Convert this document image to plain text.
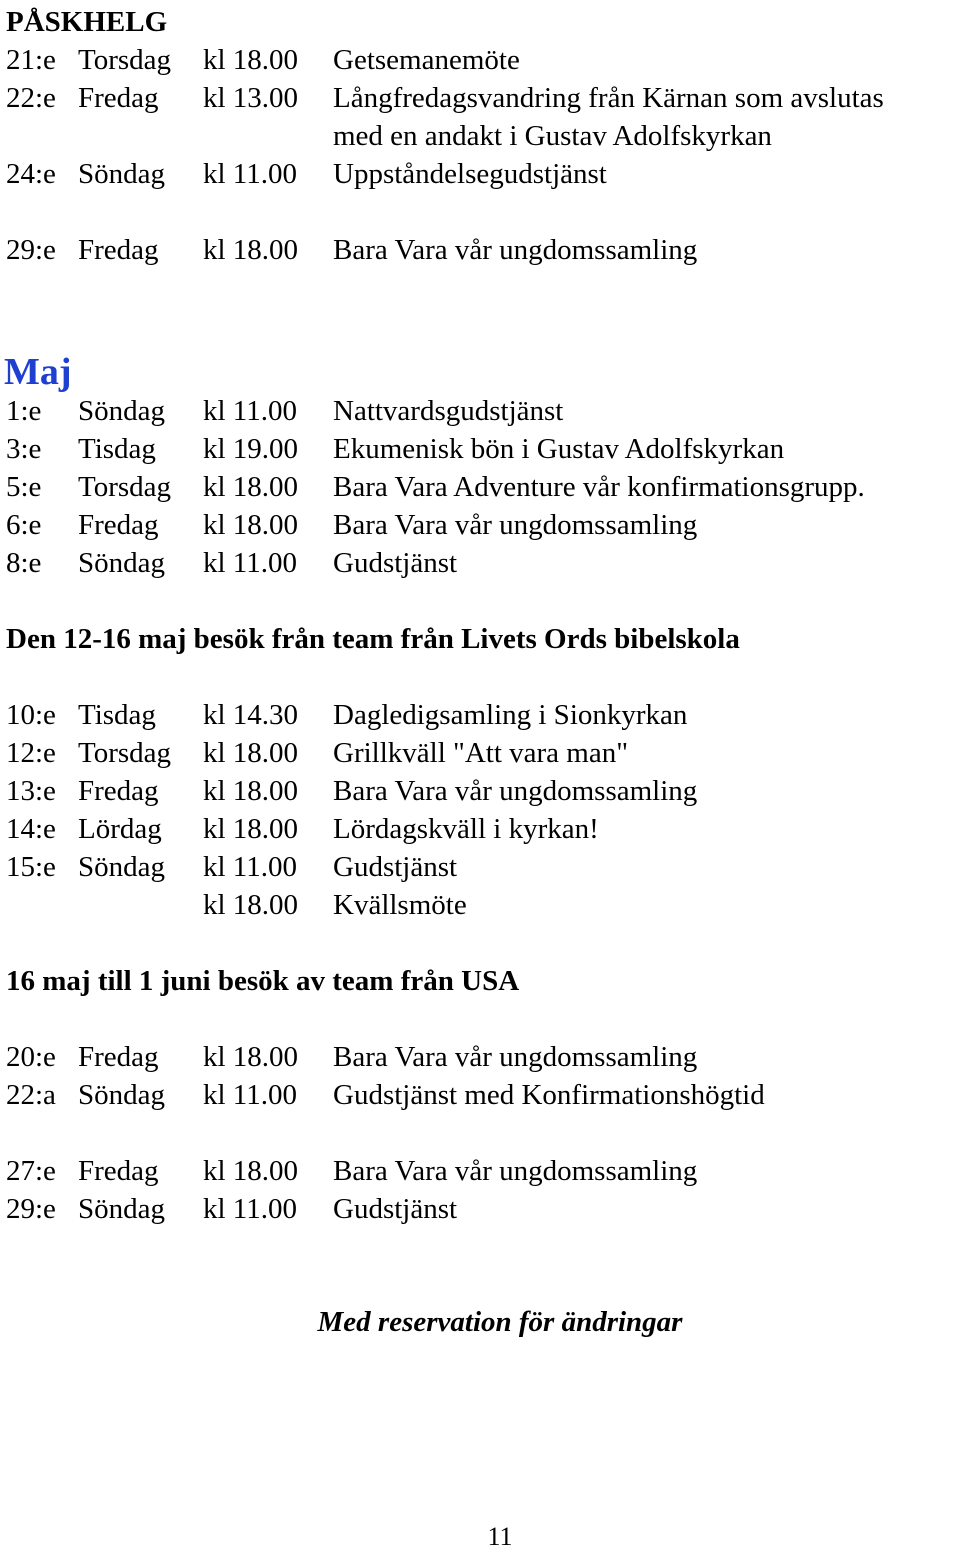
PÅSKHELG
21:e Torsdag kl 18.00 Getsemanemöte
22:e Fredag kl 13.00 Långfredagsvandring från Kärnan som avslutas
med en andakt i Gustav Adolfskyrkan
24:e Söndag kl 11.00 Uppståndelsegudstjänst
29:e Fredag kl 18.00 Bara Vara vår ungdomssamling
Maj
1:e Söndag kl 11.00 Nattvardsgudstjänst
3:e Tisdag kl 19.00 Ekumenisk bön i Gustav Adolfskyrkan
5:e Torsdag kl 18.00 Bara Vara Adventure vår konfirmationsgrupp.
6:e Fredag kl 18.00 Bara Vara vår ungdomssamling
8:e Söndag kl 11.00 Gudstjänst
Den 12-16 maj besök från team från Livets Ords bibelskola
10:e Tisdag kl 14.30 Dagledigsamling i Sionkyrkan
12:e Torsdag kl 18.00 Grillkväll "Att vara man"
13:e Fredag kl 18.00 Bara Vara vår ungdomssamling
14:e Lördag kl 18.00 Lördagskväll i kyrkan!
15:e Söndag kl 11.00 Gudstjänst
kl 18.00 Kvällsmöte
16 maj till 1 juni besök av team från USA
20:e Fredag kl 18.00 Bara Vara vår ungdomssamling
22:a Söndag kl 11.00 Gudstjänst med Konfirmationshögtid
27:e Fredag kl 18.00 Bara Vara vår ungdomssamling
29:e Söndag kl 11.00 Gudstjänst
Med reservation för ändringar
11
